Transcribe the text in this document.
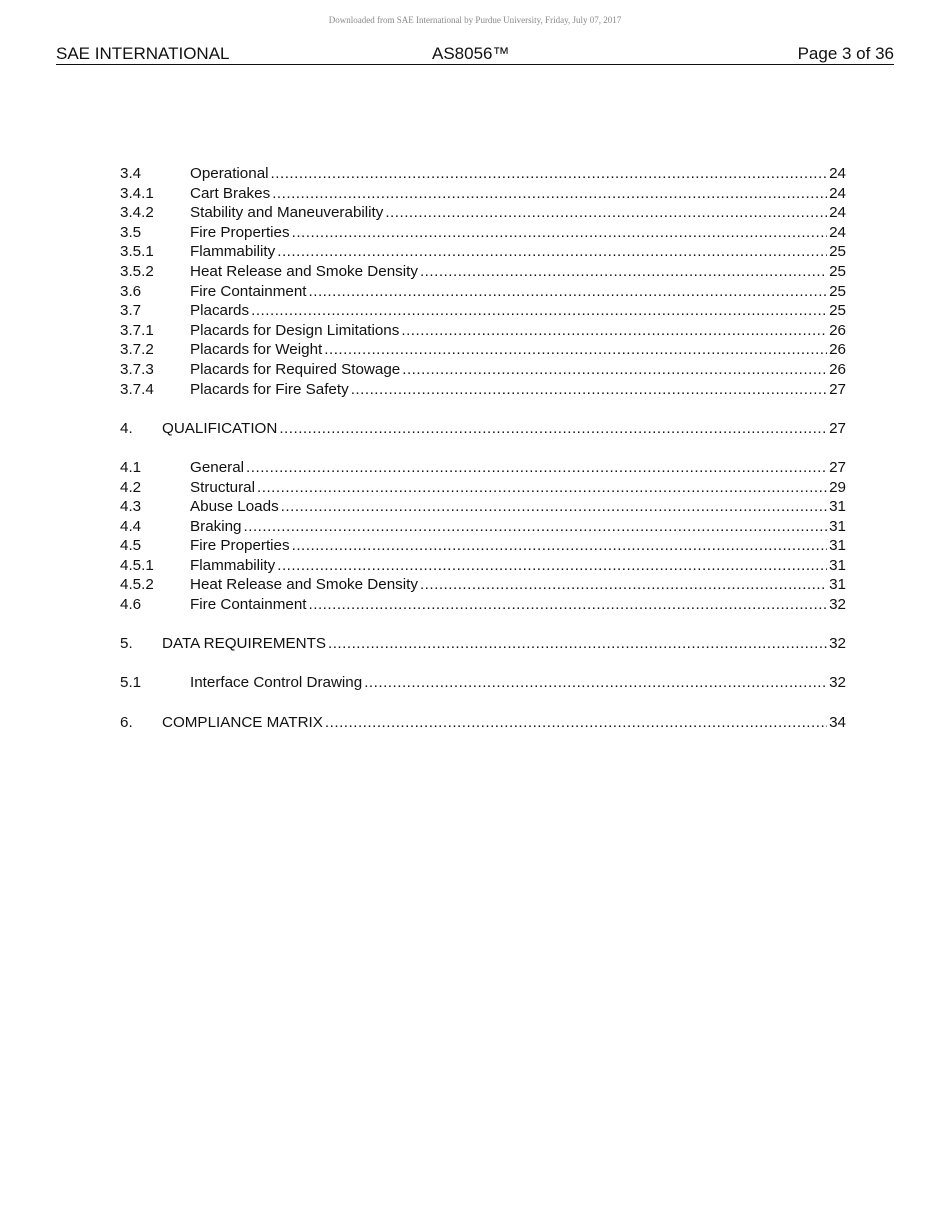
Downloaded from SAE International by Purdue University, Friday, July 07, 2017
SAE INTERNATIONAL	AS8056™	Page 3 of 36
3.4	Operational .....	24
3.4.1	Cart Brakes .....	24
3.4.2	Stability and Maneuverability .....	24
3.5	Fire Properties .....	24
3.5.1	Flammability .....	25
3.5.2	Heat Release and Smoke Density .....	25
3.6	Fire Containment .....	25
3.7	Placards .....	25
3.7.1	Placards for Design Limitations .....	26
3.7.2	Placards for Weight .....	26
3.7.3	Placards for Required Stowage .....	26
3.7.4	Placards for Fire Safety .....	27
4.	QUALIFICATION .....	27
4.1	General .....	27
4.2	Structural .....	29
4.3	Abuse Loads .....	31
4.4	Braking .....	31
4.5	Fire Properties .....	31
4.5.1	Flammability .....	31
4.5.2	Heat Release and Smoke Density .....	31
4.6	Fire Containment .....	32
5.	DATA REQUIREMENTS .....	32
5.1	Interface Control Drawing .....	32
6.	COMPLIANCE MATRIX .....	34
